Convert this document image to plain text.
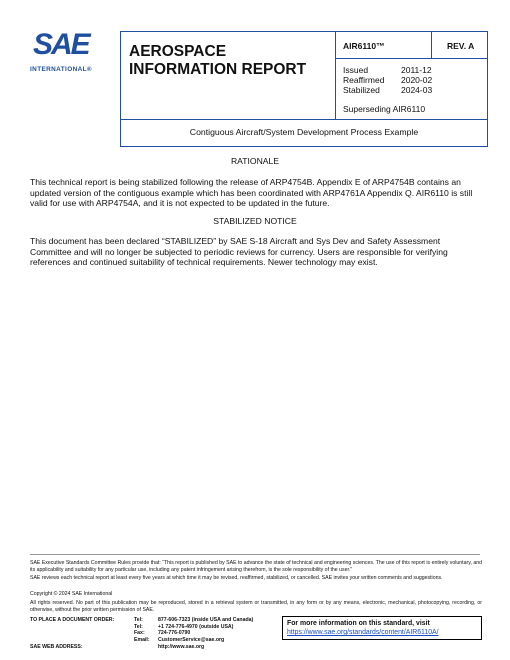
SAE
INTERNATIONAL®
AEROSPACE INFORMATION REPORT
AIR6110™	REV. A
Issued	2011-12
Reaffirmed 2020-02
Stabilized 2024-03
Superseding AIR6110
Contiguous Aircraft/System Development Process Example
RATIONALE
This technical report is being stabilized following the release of ARP4754B. Appendix E of ARP4754B contains an updated version of the contiguous example which has been coordinated with ARP4761A Appendix Q. AIR6110 is still valid for use with ARP4754A, and it is not expected to be updated in the future.
STABILIZED NOTICE
This document has been declared “STABILIZED” by SAE S-18 Aircraft and Sys Dev and Safety Assessment Committee and will no longer be subjected to periodic reviews for currency. Users are responsible for verifying references and continued suitability of technical requirements. Newer technology may exist.
SAE Executive Standards Committee Rules provide that: “This report is published by SAE to advance the state of technical and engineering sciences. The use of this report is entirely voluntary, and its applicability and suitability for any particular use, including any patent infringement arising therefrom, is the sole responsibility of the user.”
SAE reviews each technical report at least every five years at which time it may be revised, reaffirmed, stabilized, or cancelled. SAE invites your written comments and suggestions.
Copyright © 2024 SAE International
All rights reserved. No part of this publication may be reproduced, stored in a retrieval system or transmitted, in any form or by any means, electronic, mechanical, photocopying, recording, or otherwise, without the prior written permission of SAE.
TO PLACE A DOCUMENT ORDER:	Tel:	877-606-7323 (inside USA and Canada)
Tel:	+1 724-776-4970 (outside USA)
Fax:	724-776-0790
Email: CustomerService@sae.org
SAE WEB ADDRESS:	http://www.sae.org
For more information on this standard, visit
https://www.sae.org/standards/content/AIR6110A/
